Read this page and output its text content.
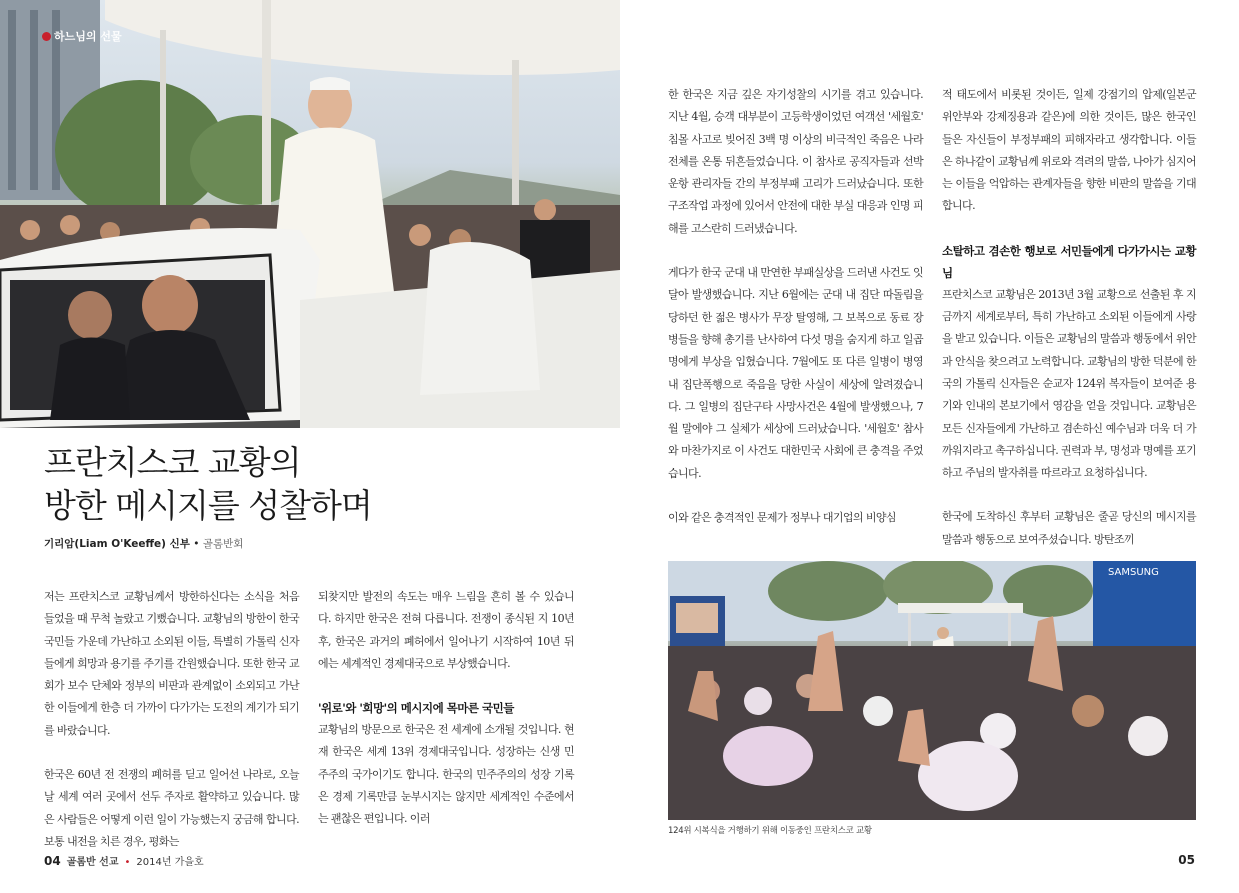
하느님의 선물
프란치스코 교황의
방한 메시지를 성찰하며
기리암(Liam O'Keeffe) 신부 • 골롬반회

저는 프란치스코 교황님께서 방한하신다는 소식을 처음 들었을 때 무척 놀랐고 기뻤습니다. 교황님의 방한이 한국 국민들 가운데 가난하고 소외된 이들, 특별히 가톨릭 신자들에게 희망과 용기를 주기를 간원했습니다. 또한 한국 교회가 보수 단체와 정부의 비판과 관계없이 소외되고 가난한 이들에게 한층 더 가까이 다가가는 도전의 계기가 되기를 바랐습니다.

한국은 60년 전 전쟁의 폐허를 딛고 일어선 나라로, 오늘날 세계 여러 곳에서 선두 주자로 활약하고 있습니다. 많은 사람들은 어떻게 이런 일이 가능했는지 궁금해 합니다. 보통 내전을 치른 경우, 평화는

되찾지만 발전의 속도는 매우 느림을 흔히 볼 수 있습니다. 하지만 한국은 전혀 다릅니다. 전쟁이 종식된 지 10년 후, 한국은 과거의 폐허에서 일어나기 시작하여 10년 뒤에는 세계적인 경제대국으로 부상했습니다.

'위로'와 '희망'의 메시지에 목마른 국민들

교황님의 방문으로 한국은 전 세계에 소개될 것입니다. 현재 한국은 세계 13위 경제대국입니다. 성장하는 신생 민주주의 국가이기도 합니다. 한국의 민주주의의 성장 기록은 경제 기록만큼 눈부시지는 않지만 세계적인 수준에서는 괜찮은 편입니다. 이러

04 골롬반 선교 • 2014년 가을호

한 한국은 지금 깊은 자기성찰의 시기를 겪고 있습니다. 지난 4월, 승객 대부분이 고등학생이었던 여객선 '세월호' 침몰 사고로 빚어진 3백 명 이상의 비극적인 죽음은 나라 전체를 온통 뒤흔들었습니다. 이 참사로 공직자들과 선박운항 관리자들 간의 부정부패 고리가 드러났습니다. 또한 구조작업 과정에 있어서 안전에 대한 부실 대응과 인명 피해를 고스란히 드러냈습니다.

게다가 한국 군대 내 만연한 부패실상을 드러낸 사건도 잇달아 발생했습니다. 지난 6월에는 군대 내 집단 따돌림을 당하던 한 젊은 병사가 무장 탈영해, 그 보복으로 동료 장병들을 향해 총기를 난사하여 다섯 명을 숨지게 하고 일곱 명에게 부상을 입혔습니다. 7월에도 또 다른 일병이 병영 내 집단폭행으로 죽음을 당한 사실이 세상에 알려졌습니다. 그 일병의 집단구타 사망사건은 4월에 발생했으나, 7월 말에야 그 실체가 세상에 드러났습니다. '세월호' 참사와 마찬가지로 이 사건도 대한민국 사회에 큰 충격을 주었습니다.

이와 같은 충격적인 문제가 정부나 대기업의 비양심

적 태도에서 비롯된 것이든, 일제 강점기의 압제(일본군 위안부와 강제징용과 같은)에 의한 것이든, 많은 한국인들은 자신들이 부정부패의 피해자라고 생각합니다. 이들은 하나같이 교황님께 위로와 격려의 말씀, 나아가 심지어는 이들을 억압하는 관계자들을 향한 비판의 말씀을 기대합니다.

소탈하고 겸손한 행보로 서민들에게 다가가시는 교황님

프란치스코 교황님은 2013년 3월 교황으로 선출된 후 지금까지 세계로부터, 특히 가난하고 소외된 이들에게 사랑을 받고 있습니다. 이들은 교황님의 말씀과 행동에서 위안과 안식을 찾으려고 노력합니다. 교황님의 방한 덕분에 한국의 가톨릭 신자들은 순교자 124위 복자들이 보여준 용기와 인내의 본보기에서 영감을 얻을 것입니다. 교황님은 모든 신자들에게 가난하고 겸손하신 예수님과 더욱 더 가까워지라고 촉구하십니다. 권력과 부, 명성과 명예를 포기하고 주님의 발자취를 따르라고 요청하십니다.

한국에 도착하신 후부터 교황님은 줄곧 당신의 메시지를 말씀과 행동으로 보여주셨습니다. 방탄조끼

SAMSUNG
124위 시복식을 거행하기 위해 이동중인 프란치스코 교황
05
